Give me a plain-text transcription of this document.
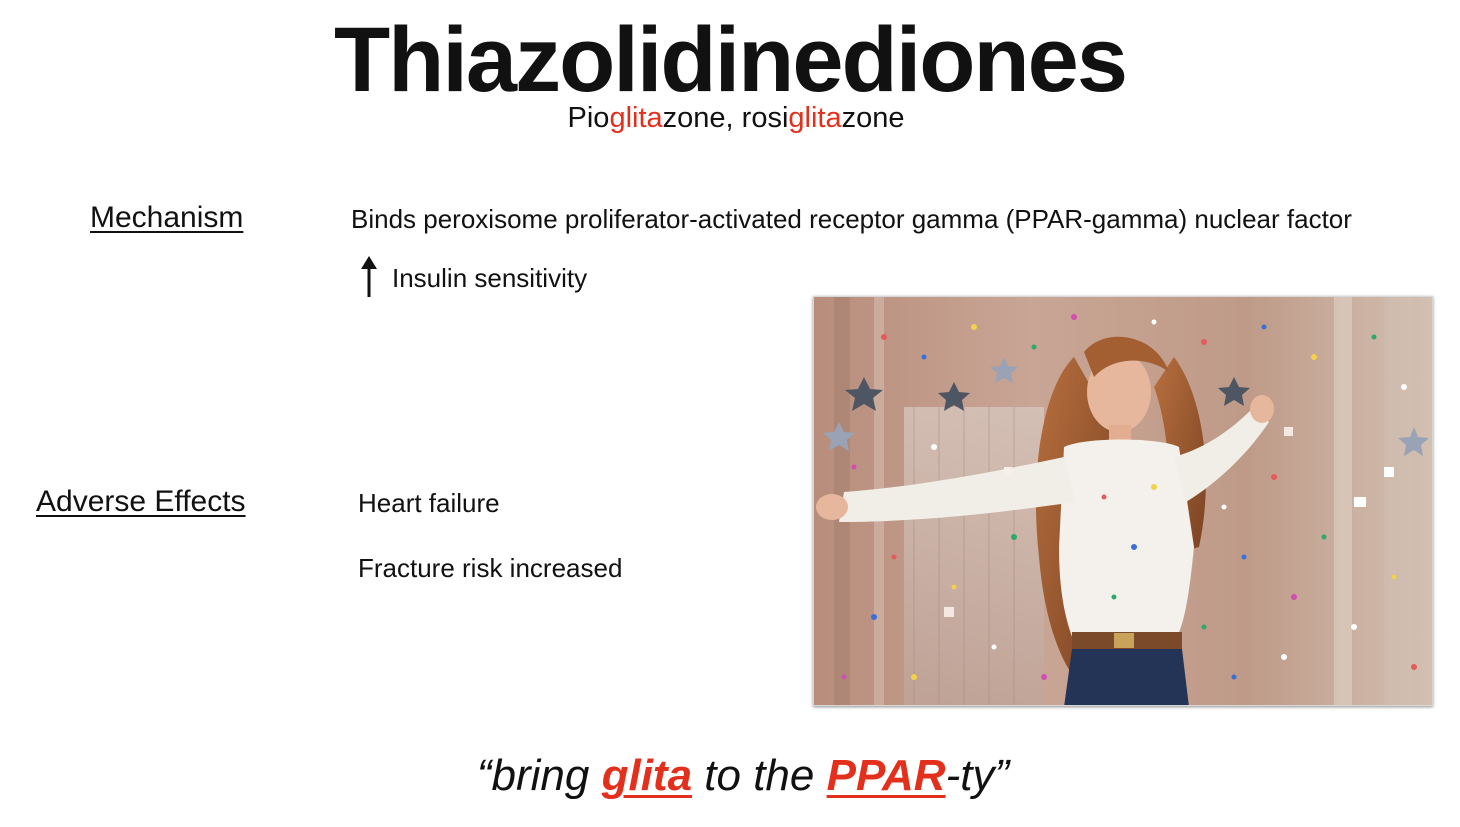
Thiazolidinediones
Pioglitazone, rosiglitazone
Mechanism	Binds peroxisome proliferator-activated receptor gamma (PPAR-gamma) nuclear factor
Insulin sensitivity
Adverse Effects	Heart failure
Fracture risk increased
“bring glita to the PPAR-ty”
